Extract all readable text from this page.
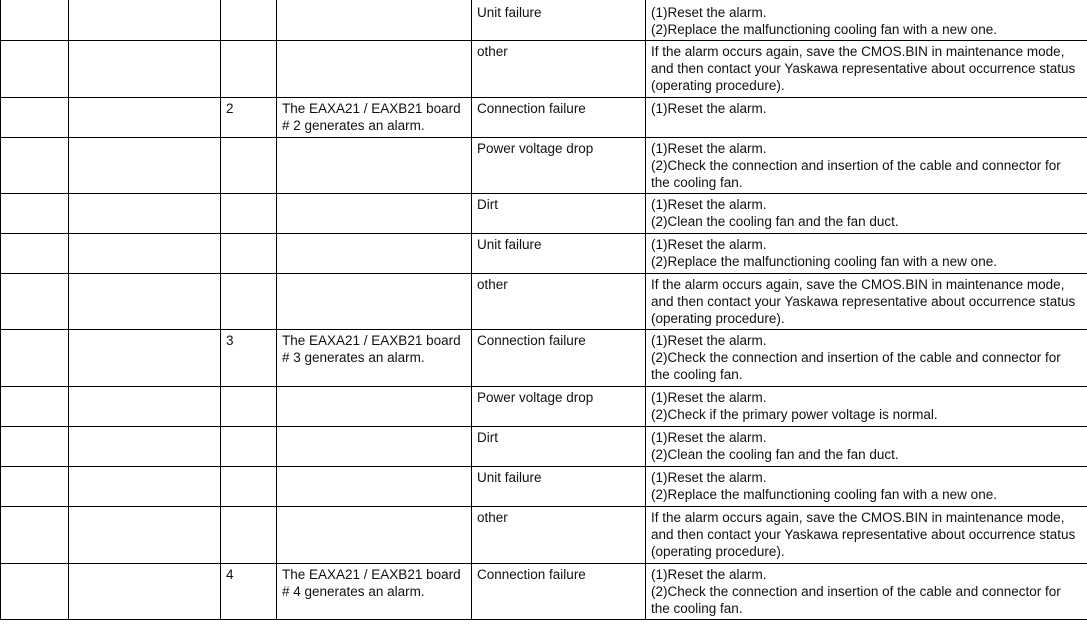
				Unit failure	(1)Reset the alarm.
(2)Replace the malfunctioning cooling fan with a new one.

				other	If the alarm occurs again, save the CMOS.BIN in maintenance mode, and then contact your Yaskawa representative about occurrence status (operating procedure).

		2	The EAXA21 / EAXB21 board # 2 generates an alarm.	Connection failure	(1)Reset the alarm.

				Power voltage drop	(1)Reset the alarm.
(2)Check the connection and insertion of the cable and connector for the cooling fan.

				Dirt	(1)Reset the alarm.
(2)Clean the cooling fan and the fan duct.

				Unit failure	(1)Reset the alarm.
(2)Replace the malfunctioning cooling fan with a new one.

				other	If the alarm occurs again, save the CMOS.BIN in maintenance mode, and then contact your Yaskawa representative about occurrence status (operating procedure).

		3	The EAXA21 / EAXB21 board # 3 generates an alarm.	Connection failure	(1)Reset the alarm.
(2)Check the connection and insertion of the cable and connector for the cooling fan.

				Power voltage drop	(1)Reset the alarm.
(2)Check if the primary power voltage is normal.

				Dirt	(1)Reset the alarm.
(2)Clean the cooling fan and the fan duct.

				Unit failure	(1)Reset the alarm.
(2)Replace the malfunctioning cooling fan with a new one.

				other	If the alarm occurs again, save the CMOS.BIN in maintenance mode, and then contact your Yaskawa representative about occurrence status (operating procedure).

		4	The EAXA21 / EAXB21 board # 4 generates an alarm.	Connection failure	(1)Reset the alarm.
(2)Check the connection and insertion of the cable and connector for the cooling fan.
